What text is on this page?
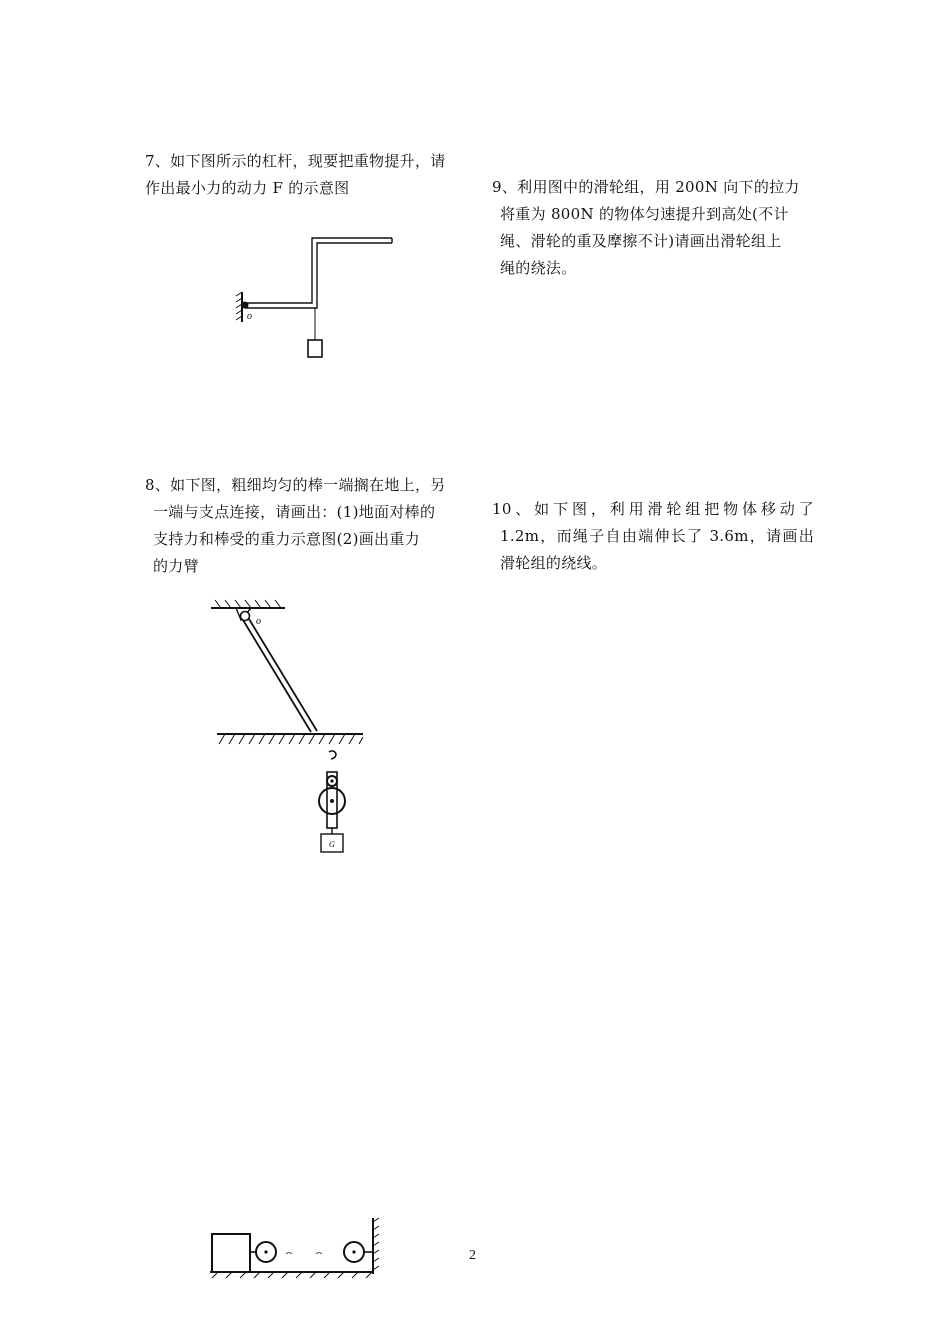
7、如下图所示的杠杆，现要把重物提升，请
作出最小力的动力 F 的示意图
o
9、利用图中的滑轮组，用 200N 向下的拉力
将重为 800N 的物体匀速提升到高处(不计
绳、滑轮的重及摩擦不计)请画出滑轮组上
绳的绕法。
8、如下图，粗细均匀的棒一端搁在地上，另
一端与支点连接，请画出：(1)地面对棒的
支持力和棒受的重力示意图(2)画出重力
的力臂
10、如下图，利用滑轮组把物体移动了
1.2m，而绳子自由端伸长了 3.6m，请画出
滑轮组的绕线。
o
G
2
